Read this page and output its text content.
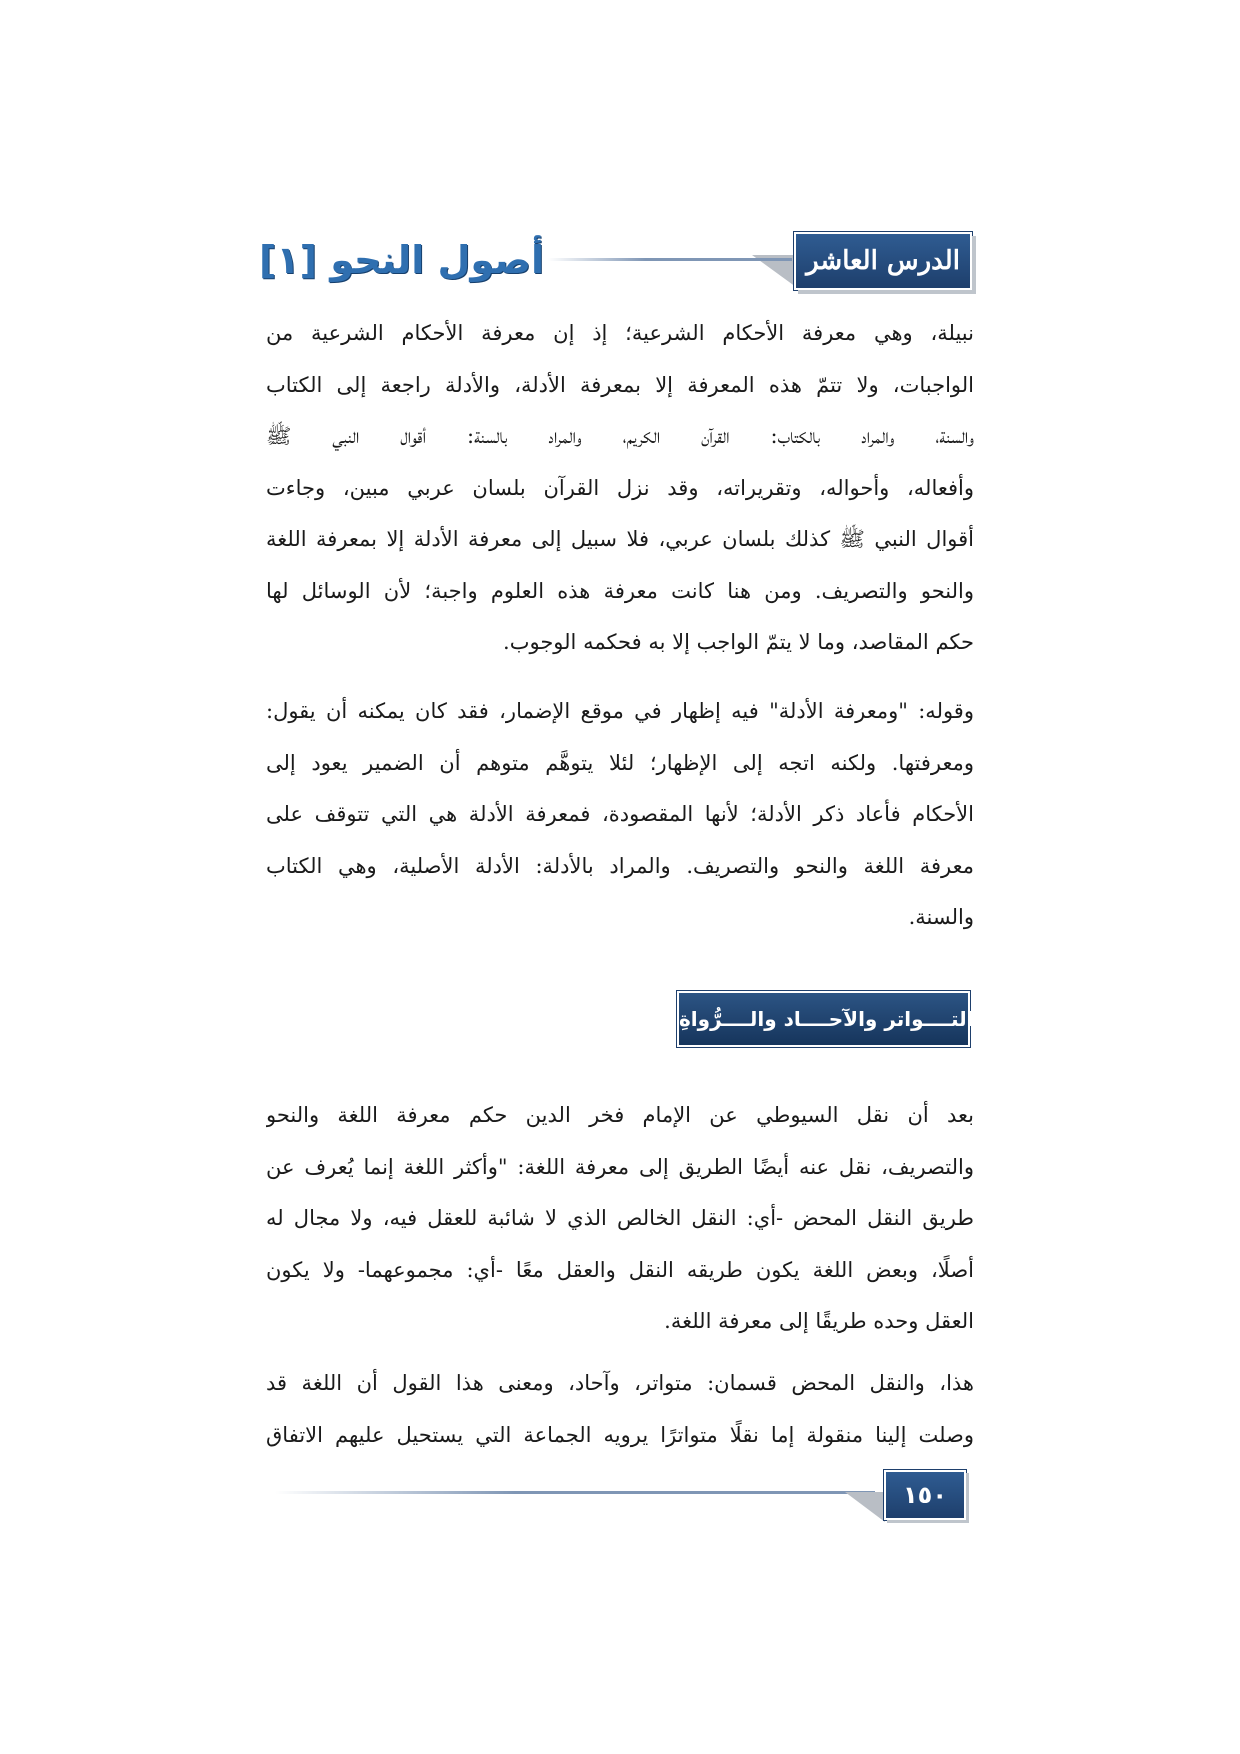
الدرس العاشر
أصول النحو [١]
نبيلة، وهي معرفة الأحكام الشرعية؛ إذ إن معرفة الأحكام الشرعية من
الواجبات، ولا تتمّ هذه المعرفة إلا بمعرفة الأدلة، والأدلة راجعة إلى الكتاب
والسنة، والمراد بالكتاب: القرآن الكريم، والمراد بالسنة: أقوال النبي ﷺ
وأفعاله، وأحواله، وتقريراته، وقد نزل القرآن بلسان عربي مبين، وجاءت
أقوال النبي ﷺ كذلك بلسان عربي، فلا سبيل إلى معرفة الأدلة إلا بمعرفة اللغة
والنحو والتصريف. ومن هنا كانت معرفة هذه العلوم واجبة؛ لأن الوسائل لها
حكم المقاصد، وما لا يتمّ الواجب إلا به فحكمه الوجوب.
وقوله: "ومعرفة الأدلة" فيه إظهار في موقع الإضمار، فقد كان يمكنه أن يقول:
ومعرفتها. ولكنه اتجه إلى الإظهار؛ لئلا يتوهَّم متوهم أن الضمير يعود إلى
الأحكام فأعاد ذكر الأدلة؛ لأنها المقصودة، فمعرفة الأدلة هي التي تتوقف على
معرفة اللغة والنحو والتصريف. والمراد بالأدلة: الأدلة الأصلية، وهي الكتاب
والسنة.
التــــواتر والآحــــاد والــــرُّواةِ
بعد أن نقل السيوطي عن الإمام فخر الدين حكم معرفة اللغة والنحو
والتصريف، نقل عنه أيضًا الطريق إلى معرفة اللغة: "وأكثر اللغة إنما يُعرف عن
طريق النقل المحض -أي: النقل الخالص الذي لا شائبة للعقل فيه، ولا مجال له
أصلًا، وبعض اللغة يكون طريقه النقل والعقل معًا -أي: مجموعهما- ولا يكون
العقل وحده طريقًا إلى معرفة اللغة.
هذا، والنقل المحض قسمان: متواتر، وآحاد، ومعنى هذا القول أن اللغة قد
وصلت إلينا منقولة إما نقلًا متواترًا يرويه الجماعة التي يستحيل عليهم الاتفاق
١٥٠
